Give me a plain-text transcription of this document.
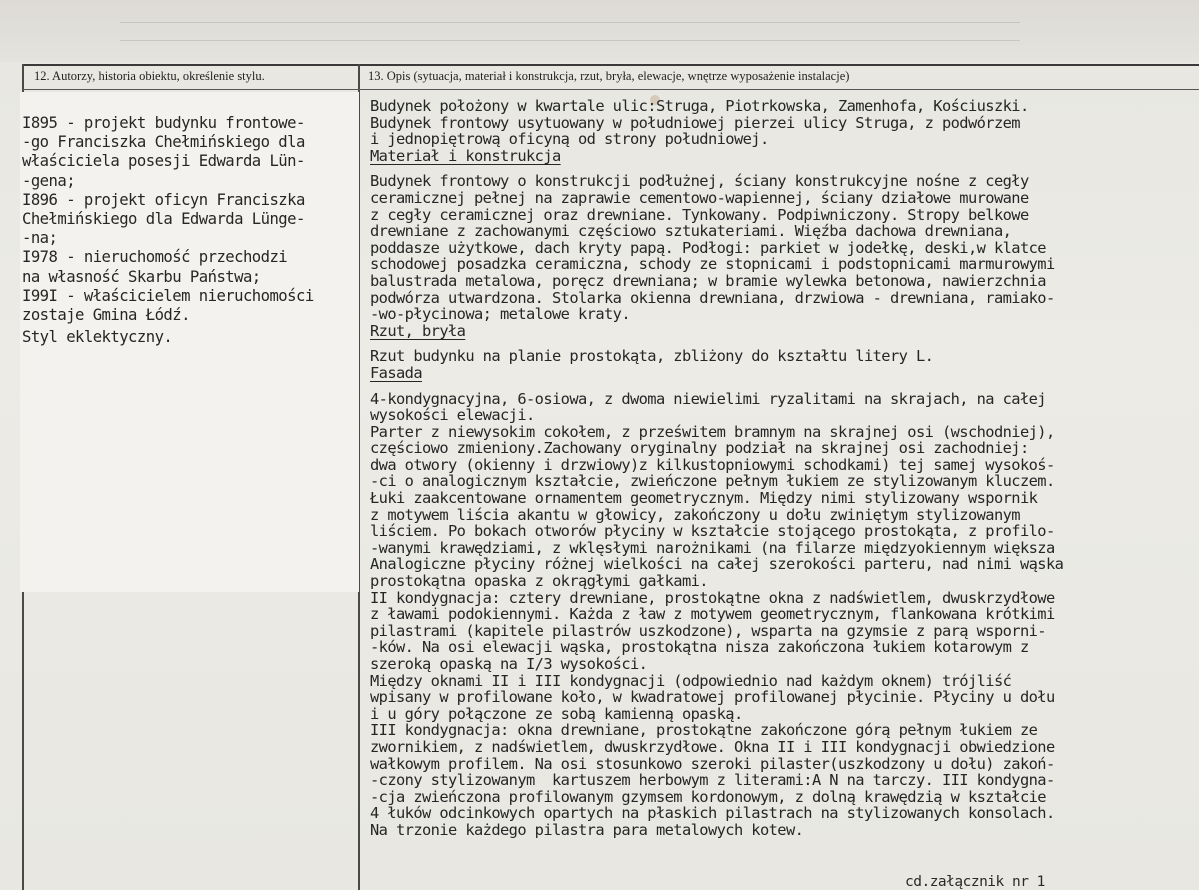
12. Autorzy, historia obiektu, określenie stylu.	13. Opis (sytuacja, materiał i konstrukcja, rzut, bryła, elewacje, wnętrze wyposażenie instalacje)
I895 - projekt budynku frontowe-
-go Franciszka Chełmińskiego dla
właściciela posesji Edwarda Lün-
-gena;
I896 - projekt oficyn Franciszka
Chełmińskiego dla Edwarda Lünge-
-na;
I978 - nieruchomość przechodzi
na własność Skarbu Państwa;
I99I - właścicielem nieruchomości
zostaje Gmina Łódź.
Styl eklektyczny.
Budynek położony w kwartale ulic:Struga, Piotrkowska, Zamenhofa, Kościuszki.
Budynek frontowy usytuowany w południowej pierzei ulicy Struga, z podwórzem
i jednopiętrową oficyną od strony południowej.
Materiał i konstrukcja
Budynek frontowy o konstrukcji podłużnej, ściany konstrukcyjne nośne z cegły
ceramicznej pełnej na zaprawie cementowo-wapiennej, ściany działowe murowane
z cegły ceramicznej oraz drewniane. Tynkowany. Podpiwniczony. Stropy belkowe
drewniane z zachowanymi częściowo sztukateriami. Więźba dachowa drewniana,
poddasze użytkowe, dach kryty papą. Podłogi: parkiet w jodełkę, deski,w klatce
schodowej posadzka ceramiczna, schody ze stopnicami i podstopnicami marmurowymi
balustrada metalowa, poręcz drewniana; w bramie wylewka betonowa, nawierzchnia
podwórza utwardzona. Stolarka okienna drewniana, drzwiowa - drewniana, ramiako-
-wo-płycinowa; metalowe kraty.
Rzut, bryła
Rzut budynku na planie prostokąta, zbliżony do kształtu litery L.
Fasada
4-kondygnacyjna, 6-osiowa, z dwoma niewielimi ryzalitami na skrajach, na całej
wysokości elewacji.
Parter z niewysokim cokołem, z prześwitem bramnym na skrajnej osi (wschodniej),
częściowo zmieniony.Zachowany oryginalny podział na skrajnej osi zachodniej:
dwa otwory (okienny i drzwiowy)z kilkustopniowymi schodkami) tej samej wysokoś-
-ci o analogicznym kształcie, zwieńczone pełnym łukiem ze stylizowanym kluczem.
Łuki zaakcentowane ornamentem geometrycznym. Między nimi stylizowany wspornik
z motywem liścia akantu w głowicy, zakończony u dołu zwiniętym stylizowanym
liściem. Po bokach otworów płyciny w kształcie stojącego prostokąta, z profilo-
-wanymi krawędziami, z wklęsłymi narożnikami (na filarze międzyokiennym większa
Analogiczne płyciny różnej wielkości na całej szerokości parteru, nad nimi wąska
prostokątna opaska z okrągłymi gałkami.
II kondygnacja: cztery drewniane, prostokątne okna z nadświetlem, dwuskrzydłowe
z ławami podokiennymi. Każda z ław z motywem geometrycznym, flankowana krótkimi
pilastrami (kapitele pilastrów uszkodzone), wsparta na gzymsie z parą wsporni-
-ków. Na osi elewacji wąska, prostokątna nisza zakończona łukiem kotarowym z
szeroką opaską na I/3 wysokości.
Między oknami II i III kondygnacji (odpowiednio nad każdym oknem) trójliść
wpisany w profilowane koło, w kwadratowej profilowanej płycinie. Płyciny u dołu
i u góry połączone ze sobą kamienną opaską.
III kondygnacja: okna drewniane, prostokątne zakończone górą pełnym łukiem ze
zwornikiem, z nadświetlem, dwuskrzydłowe. Okna II i III kondygnacji obwiedzione
wałkowym profilem. Na osi stosunkowo szeroki pilaster(uszkodzony u dołu) zakoń-
-czony stylizowanym  kartuszem herbowym z literami:A N na tarczy. III kondygna-
-cja zwieńczona profilowanym gzymsem kordonowym, z dolną krawędzią w kształcie
4 łuków odcinkowych opartych na płaskich pilastrach na stylizowanych konsolach.
Na trzonie każdego pilastra para metalowych kotew.
cd.załącznik nr 1
